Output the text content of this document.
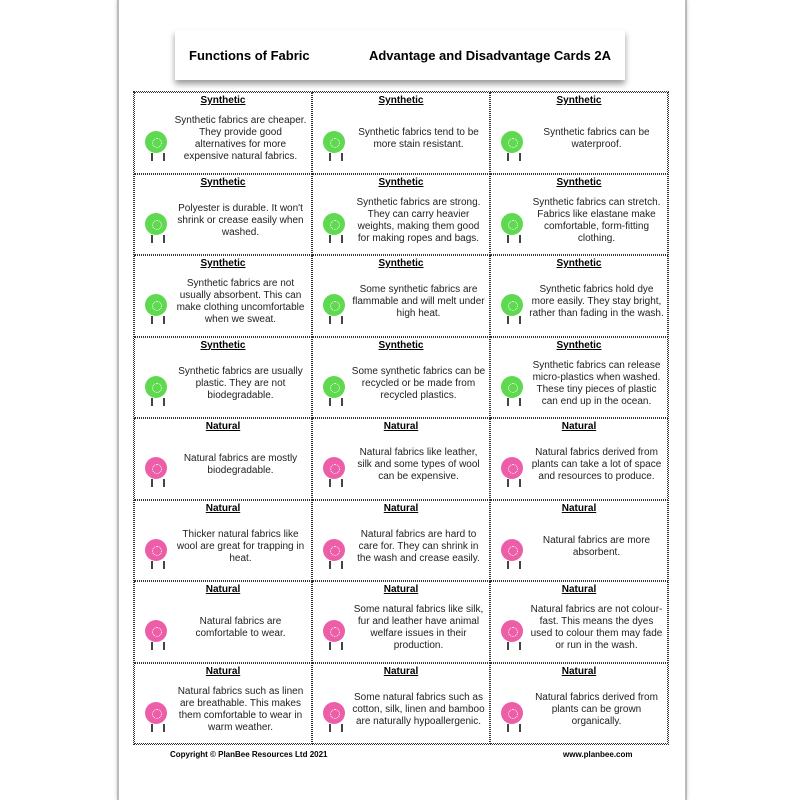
Functions of Fabric	Advantage and Disadvantage Cards 2A
Synthetic
Synthetic fabrics are cheaper. They provide good alternatives for more expensive natural fabrics.
Synthetic
Synthetic fabrics tend to be more stain resistant.
Synthetic
Synthetic fabrics can be waterproof.
Synthetic
Polyester is durable. It won't shrink or crease easily when washed.
Synthetic
Synthetic fabrics are strong. They can carry heavier weights, making them good for making ropes and bags.
Synthetic
Synthetic fabrics can stretch. Fabrics like elastane make comfortable, form-fitting clothing.
Synthetic
Synthetic fabrics are not usually absorbent. This can make clothing uncomfortable when we sweat.
Synthetic
Some synthetic fabrics are flammable and will melt under high heat.
Synthetic
Synthetic fabrics hold dye more easily. They stay bright, rather than fading in the wash.
Synthetic
Synthetic fabrics are usually plastic. They are not biodegradable.
Synthetic
Some synthetic fabrics can be recycled or be made from recycled plastics.
Synthetic
Synthetic fabrics can release micro-plastics when washed. These tiny pieces of plastic can end up in the ocean.
Natural
Natural fabrics are mostly biodegradable.
Natural
Natural fabrics like leather, silk and some types of wool can be expensive.
Natural
Natural fabrics derived from plants can take a lot of space and resources to produce.
Natural
Thicker natural fabrics like wool are great for trapping in heat.
Natural
Natural fabrics are hard to care for. They can shrink in the wash and crease easily.
Natural
Natural fabrics are more absorbent.
Natural
Natural fabrics are comfortable to wear.
Natural
Some natural fabrics like silk, fur and leather have animal welfare issues in their production.
Natural
Natural fabrics are not colour-fast. This means the dyes used to colour them may fade or run in the wash.
Natural
Natural fabrics such as linen are breathable. This makes them comfortable to wear in warm weather.
Natural
Some natural fabrics such as cotton, silk, linen and bamboo are naturally hypoallergenic.
Natural
Natural fabrics derived from plants can be grown organically.
Copyright © PlanBee Resources Ltd 2021	www.planbee.com
